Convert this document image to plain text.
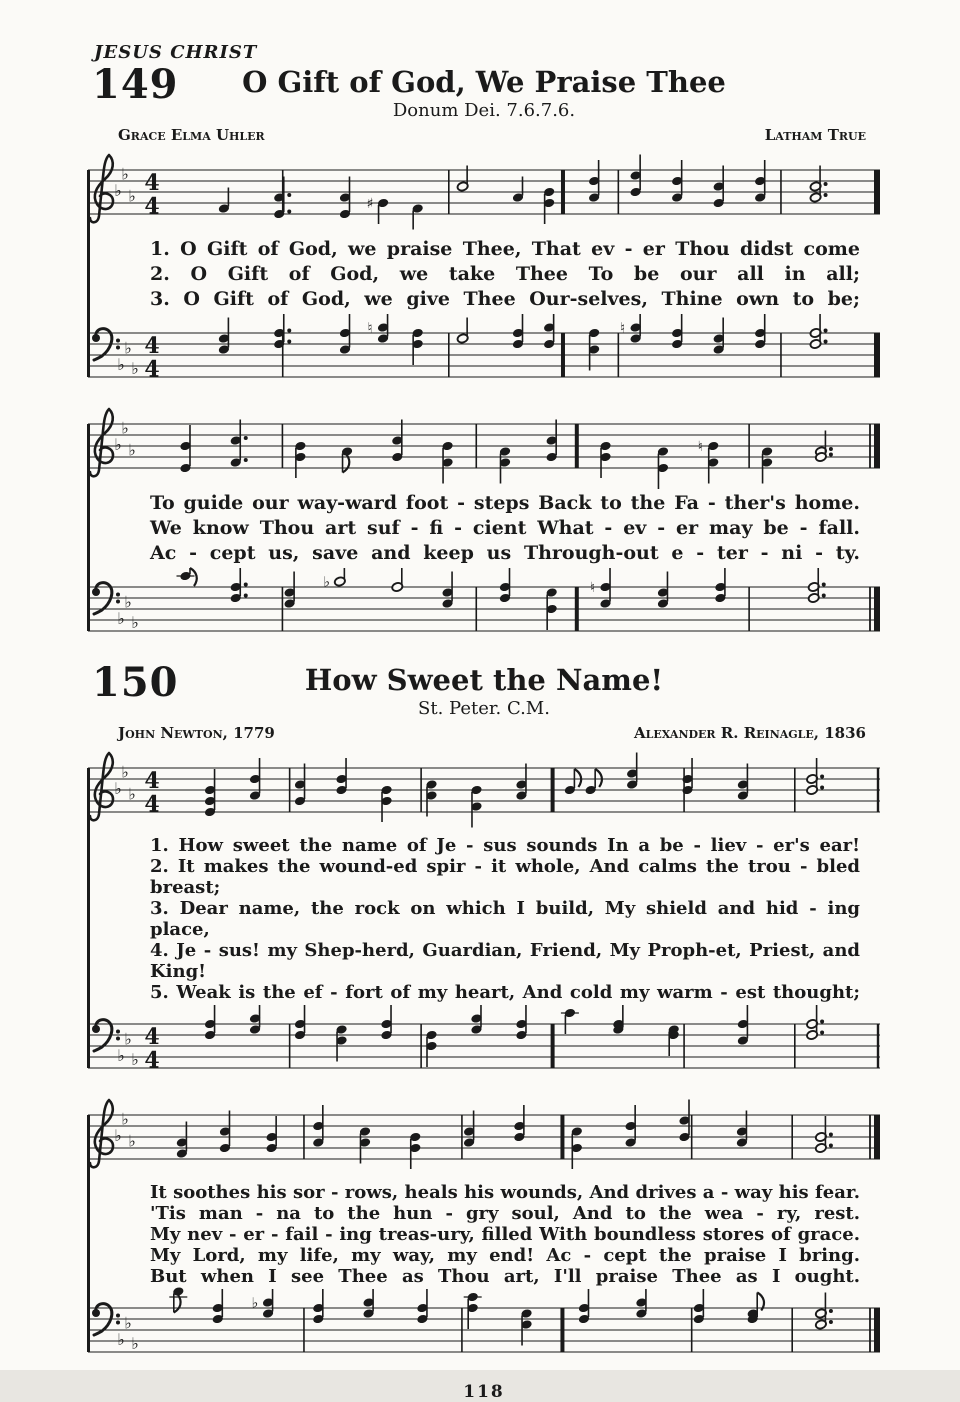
JESUS CHRIST
149	O Gift of God, We Praise Thee
Donum Dei. 7.6.7.6.
Grace Elma Uhler	Latham True
♭
♭
♭ 4
4	♯
1. O Gift of God, we praise Thee, That ev - er Thou didst come
2. O Gift of God, we take Thee To be our all in all;
3. O Gift of God, we give Thee Our-selves, Thine own to be;
♭
♭
♭
4
4
♮	♮
♭
♭
♭	♮
To guide our way-ward foot - steps Back to the Fa - ther's home.
We know Thou art suf - fi - cient What - ev - er may be - fall.
Ac - cept us, save and keep us Through-out e - ter - ni - ty.
♭
♭
♭
♭	♮
150	How Sweet the Name!
St. Peter. C.M.
John Newton, 1779	Alexander R. Reinagle, 1836
♭
♭
♭ 4
4
1. How sweet the name of Je - sus sounds In a be - liev - er's ear!
2. It makes the wound-ed spir - it whole, And calms the trou - bled breast;
3. Dear name, the rock on which I build, My shield and hid - ing place,
4. Je - sus! my Shep-herd, Guardian, Friend, My Proph-et, Priest, and King!
5. Weak is the ef - fort of my heart, And cold my warm - est thought;
♭
♭
♭
4
4
♭
♭
♭
It soothes his sor - rows, heals his wounds, And drives a - way his fear.
'Tis man - na to the hun - gry soul, And to the wea - ry, rest.
My nev - er - fail - ing treas-ury, filled With boundless stores of grace.
My Lord, my life, my way, my end! Ac - cept the praise I bring.
But when I see Thee as Thou art, I'll praise Thee as I ought.
♭
♭
♭
♭
118
